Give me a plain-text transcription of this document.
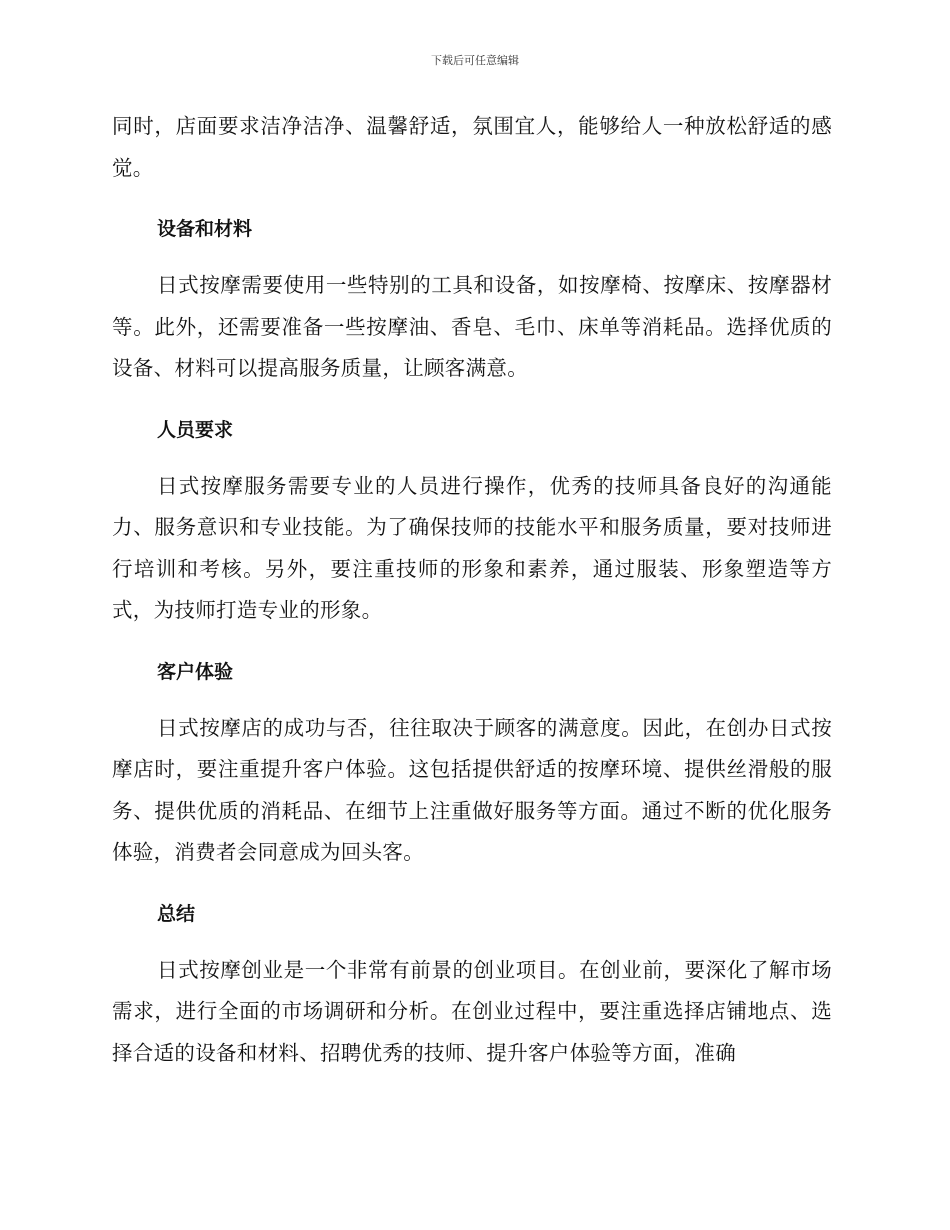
下载后可任意编辑

同时，店面要求洁净洁净、温馨舒适，氛围宜人，能够给人一种放松舒适的感觉。

设备和材料

日式按摩需要使用一些特别的工具和设备，如按摩椅、按摩床、按摩器材等。此外，还需要准备一些按摩油、香皂、毛巾、床单等消耗品。选择优质的设备、材料可以提高服务质量，让顾客满意。

人员要求

日式按摩服务需要专业的人员进行操作，优秀的技师具备良好的沟通能力、服务意识和专业技能。为了确保技师的技能水平和服务质量，要对技师进行培训和考核。另外，要注重技师的形象和素养，通过服装、形象塑造等方式，为技师打造专业的形象。

客户体验

日式按摩店的成功与否，往往取决于顾客的满意度。因此，在创办日式按摩店时，要注重提升客户体验。这包括提供舒适的按摩环境、提供丝滑般的服务、提供优质的消耗品、在细节上注重做好服务等方面。通过不断的优化服务体验，消费者会同意成为回头客。

总结

日式按摩创业是一个非常有前景的创业项目。在创业前，要深化了解市场需求，进行全面的市场调研和分析。在创业过程中，要注重选择店铺地点、选择合适的设备和材料、招聘优秀的技师、提升客户体验等方面，准确
